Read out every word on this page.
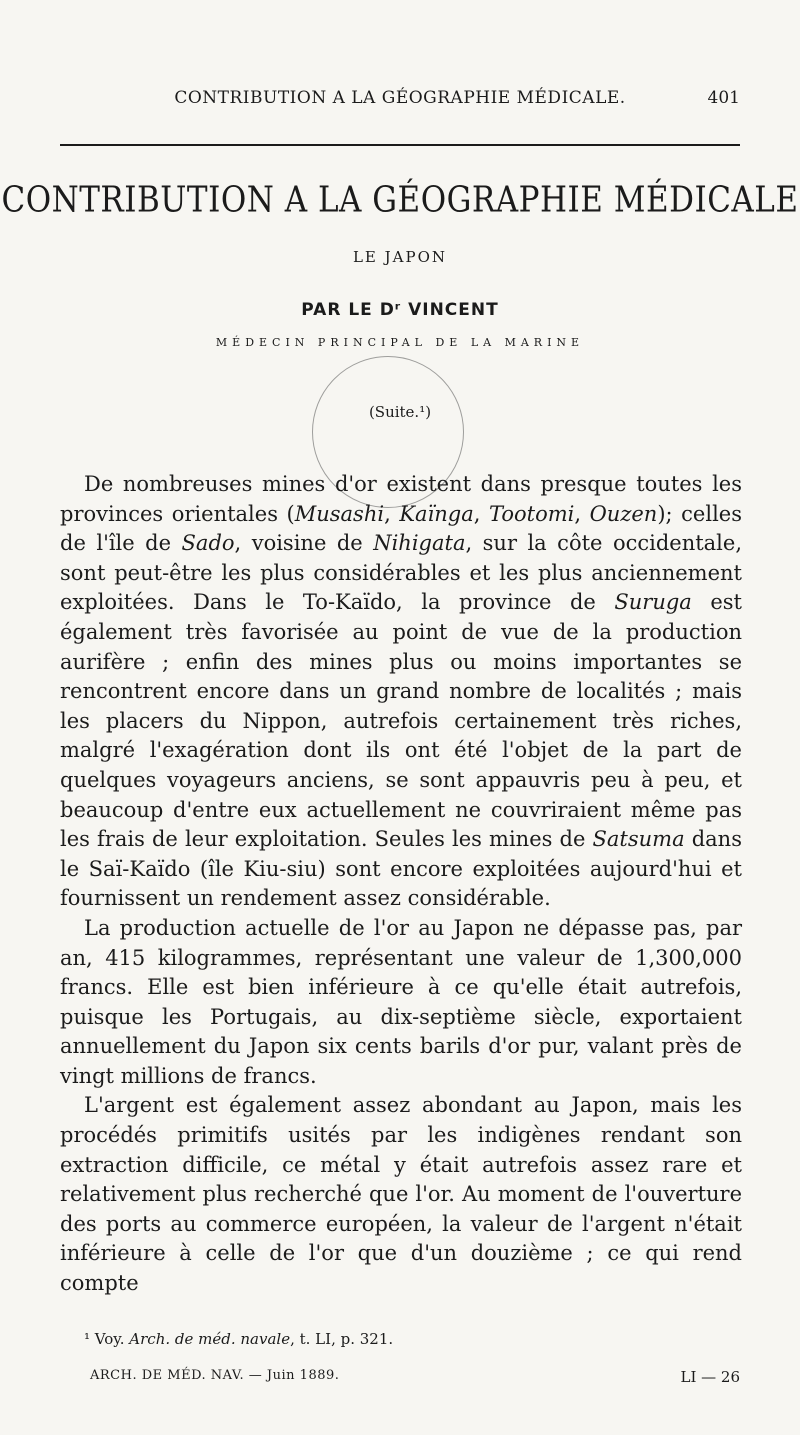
CONTRIBUTION A LA GÉOGRAPHIE MÉDICALE.	401
CONTRIBUTION A LA GÉOGRAPHIE MÉDICALE
LE JAPON
PAR LE Dʳ VINCENT
MÉDECIN PRINCIPAL DE LA MARINE
(Suite.¹)

De nombreuses mines d'or existent dans presque toutes les provinces orientales (Musashi, Kaïnga, Tootomi, Ouzen); celles de l'île de Sado, voisine de Nihigata, sur la côte occidentale, sont peut-être les plus considérables et les plus anciennement exploitées. Dans le To-Kaïdo, la province de Suruga est également très favorisée au point de vue de la production aurifère ; enfin des mines plus ou moins importantes se rencontrent encore dans un grand nombre de localités ; mais les placers du Nippon, autrefois certainement très riches, malgré l'exagération dont ils ont été l'objet de la part de quelques voyageurs anciens, se sont appauvris peu à peu, et beaucoup d'entre eux actuellement ne couvriraient même pas les frais de leur exploitation. Seules les mines de Satsuma dans le Saï-Kaïdo (île Kiu-siu) sont encore exploitées aujourd'hui et fournissent un rendement assez considérable.

La production actuelle de l'or au Japon ne dépasse pas, par an, 415 kilogrammes, représentant une valeur de 1,300,000 francs. Elle est bien inférieure à ce qu'elle était autrefois, puisque les Portugais, au dix-septième siècle, exportaient annuellement du Japon six cents barils d'or pur, valant près de vingt millions de francs.

L'argent est également assez abondant au Japon, mais les procédés primitifs usités par les indigènes rendant son extraction difficile, ce métal y était autrefois assez rare et relativement plus recherché que l'or. Au moment de l'ouverture des ports au commerce européen, la valeur de l'argent n'était inférieure à celle de l'or que d'un douzième ; ce qui rend compte

¹ Voy. Arch. de méd. navale, t. LI, p. 321.
ARCH. DE MÉD. NAV. — Juin 1889.	LI — 26
